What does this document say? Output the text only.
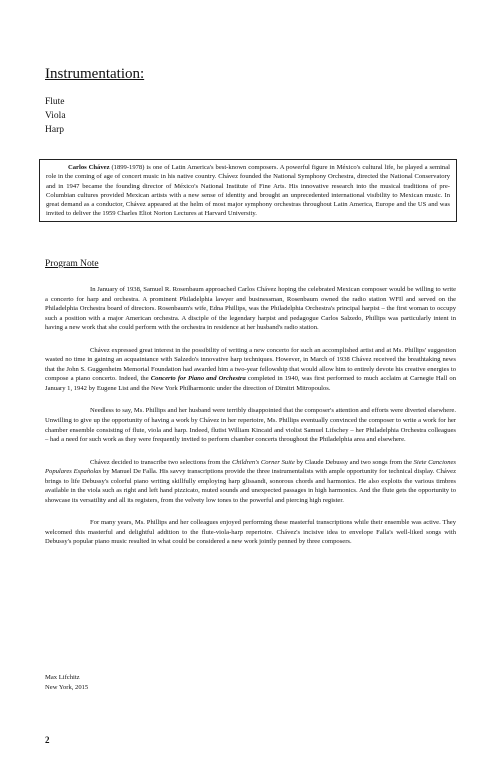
Instrumentation:
Flute
Viola
Harp
Carlos Chávez (1899-1978) is one of Latin America's best-known composers. A powerful figure in México's cultural life, he played a seminal role in the coming of age of concert music in his native country. Chávez founded the National Symphony Orchestra, directed the National Conservatory and in 1947 became the founding director of México's National Institute of Fine Arts. His innovative research into the musical traditions of pre-Columbian cultures provided Mexican artists with a new sense of identity and brought an unprecedented international visibility to Mexican music. In great demand as a conductor, Chávez appeared at the helm of most major symphony orchestras throughout Latin America, Europe and the US and was invited to deliver the 1959 Charles Eliot Norton Lectures at Harvard University.
Program Note

In January of 1938, Samuel R. Rosenbaum approached Carlos Chávez hoping the celebrated Mexican composer would be willing to write a concerto for harp and orchestra. A prominent Philadelphia lawyer and businessman, Rosenbaum owned the radio station WFIl and served on the Philadelphia Orchestra board of directors. Rosenbaum's wife, Edna Phillips, was the Philadelphia Orchestra's principal harpist – the first woman to occupy such a position with a major American orchestra. A disciple of the legendary harpist and pedagogue Carlos Salzedo, Phillips was particularly intent in having a new work that she could perform with the orchestra in residence at her husband's radio station.

Chávez expressed great interest in the possibility of writing a new concerto for such an accomplished artist and at Ms. Phillips' suggestion wasted no time in gaining an acquaintance with Salzedo's innovative harp techniques. However, in March of 1938 Chávez received the breathtaking news that the John S. Guggenheim Memorial Foundation had awarded him a two-year fellowship that would allow him to entirely devote his creative energies to compose a piano concerto. Indeed, the Concerto for Piano and Orchestra completed in 1940, was first performed to much acclaim at Carnegie Hall on January 1, 1942 by Eugene List and the New York Philharmonic under the direction of Dimitri Mitropoulos.

Needless to say, Ms. Phillips and her husband were terribly disappointed that the composer's attention and efforts were diverted elsewhere. Unwilling to give up the opportunity of having a work by Chávez in her repertoire, Ms. Phillips eventually convinced the composer to write a work for her chamber ensemble consisting of flute, viola and harp. Indeed, flutist William Kincaid and violist Samuel Lifschey – her Philadelphia Orchestra colleagues – had a need for such work as they were frequently invited to perform chamber concerts throughout the Philadelphia area and elsewhere.

Chávez decided to transcribe two selections from the Children's Corner Suite by Claude Debussy and two songs from the Siete Canciones Populares Españolas by Manuel De Falla. His savvy transcriptions provide the three instrumentalists with ample opportunity for technical display. Chávez brings to life Debussy's colorful piano writing skillfully employing harp glissandi, sonorous chords and harmonics. He also exploits the various timbres available in the viola such as right and left hand pizzicato, muted sounds and unexpected passages in high harmonics. And the flute gets the opportunity to showcase its versatility and all its registers, from the velvety low tones to the powerful and piercing high register.

For many years, Ms. Phillips and her colleagues enjoyed performing these masterful transcriptions while their ensemble was active. They welcomed this masterful and delightful addition to the flute-viola-harp repertoire. Chávez's incisive idea to envelope Falla's well-liked songs with Debussy's popular piano music resulted in what could be considered a new work jointly penned by three composers.

Max Lifchitz
New York, 2015
2
